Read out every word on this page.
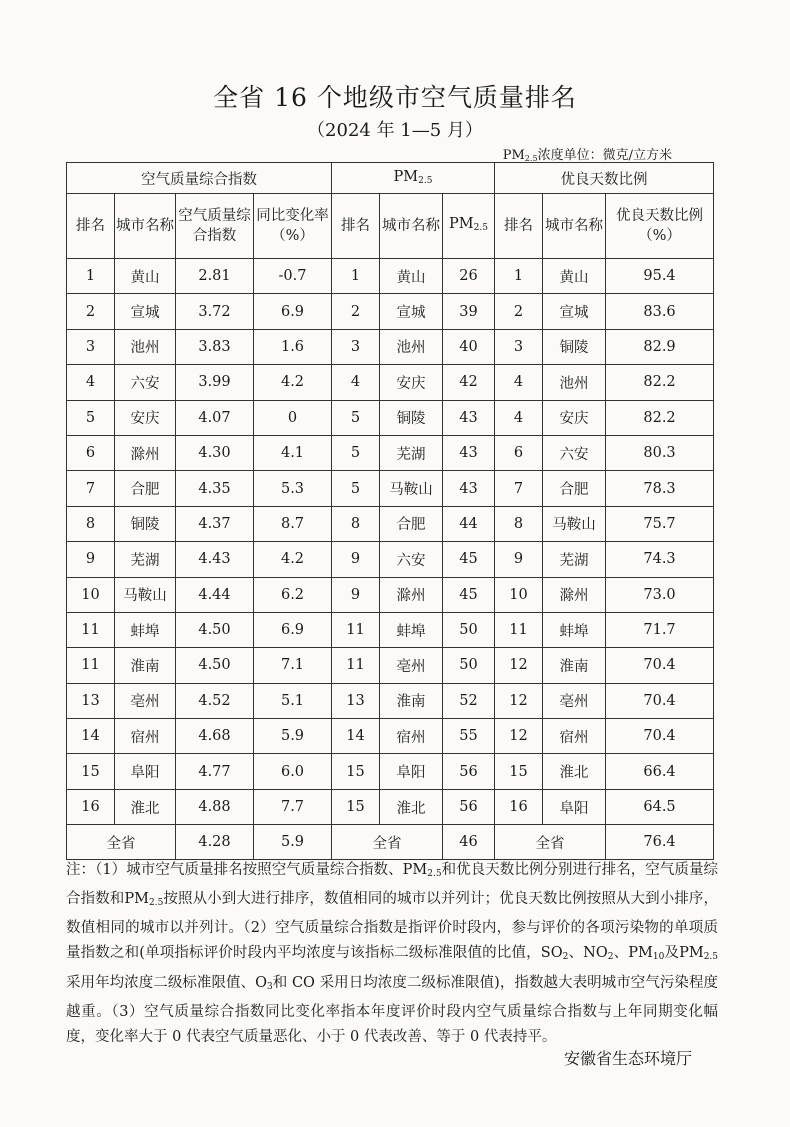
全省 16 个地级市空气质量排名
（2024 年 1—5 月）
$PM_{2.5}$浓度单位：微克/立方米
空气质量综合指数				$PM_{2.5}$			优良天数比例		
排名	城市名称	空气质量综合指数	同比变化率（%）	排名	城市名称	$PM_{2.5}$	排名	城市名称	优良天数比例（%）
1	黄山	2.81	-0.7	1	黄山	26	1	黄山	95.4
2	宣城	3.72	6.9	2	宣城	39	2	宣城	83.6
3	池州	3.83	1.6	3	池州	40	3	铜陵	82.9
4	六安	3.99	4.2	4	安庆	42	4	池州	82.2
5	安庆	4.07	0	5	铜陵	43	4	安庆	82.2
6	滁州	4.30	4.1	5	芜湖	43	6	六安	80.3
7	合肥	4.35	5.3	5	马鞍山	43	7	合肥	78.3
8	铜陵	4.37	8.7	8	合肥	44	8	马鞍山	75.7
9	芜湖	4.43	4.2	9	六安	45	9	芜湖	74.3
10	马鞍山	4.44	6.2	9	滁州	45	10	滁州	73.0
11	蚌埠	4.50	6.9	11	蚌埠	50	11	蚌埠	71.7
11	淮南	4.50	7.1	11	亳州	50	12	淮南	70.4
13	亳州	4.52	5.1	13	淮南	52	12	亳州	70.4
14	宿州	4.68	5.9	14	宿州	55	12	宿州	70.4
15	阜阳	4.77	6.0	15	阜阳	56	15	淮北	66.4
16	淮北	4.88	7.7	15	淮北	56	16	阜阳	64.5
全省		4.28	5.9	全省		46	全省		76.4
注：（1）城市空气质量排名按照空气质量综合指数、$PM_{2.5}$和优良天数比例分别进行排名，空气质量综合指数和$PM_{2.5}$按照从小到大进行排序，数值相同的城市以并列计；优良天数比例按照从大到小排序，数值相同的城市以并列计。（2）空气质量综合指数是指评价时段内，参与评价的各项污染物的单项质量指数之和(单项指标评价时段内平均浓度与该指标二级标准限值的比值，$SO_2$、$NO_2$、$PM_{10}$及$PM_{2.5}$采用年均浓度二级标准限值、$O_3$和 CO 采用日均浓度二级标准限值)，指数越大表明城市空气污染程度越重。（3）空气质量综合指数同比变化率指本年度评价时段内空气质量综合指数与上年同期变化幅度，变化率大于 0 代表空气质量恶化、小于 0 代表改善、等于 0 代表持平。
安徽省生态环境厅
